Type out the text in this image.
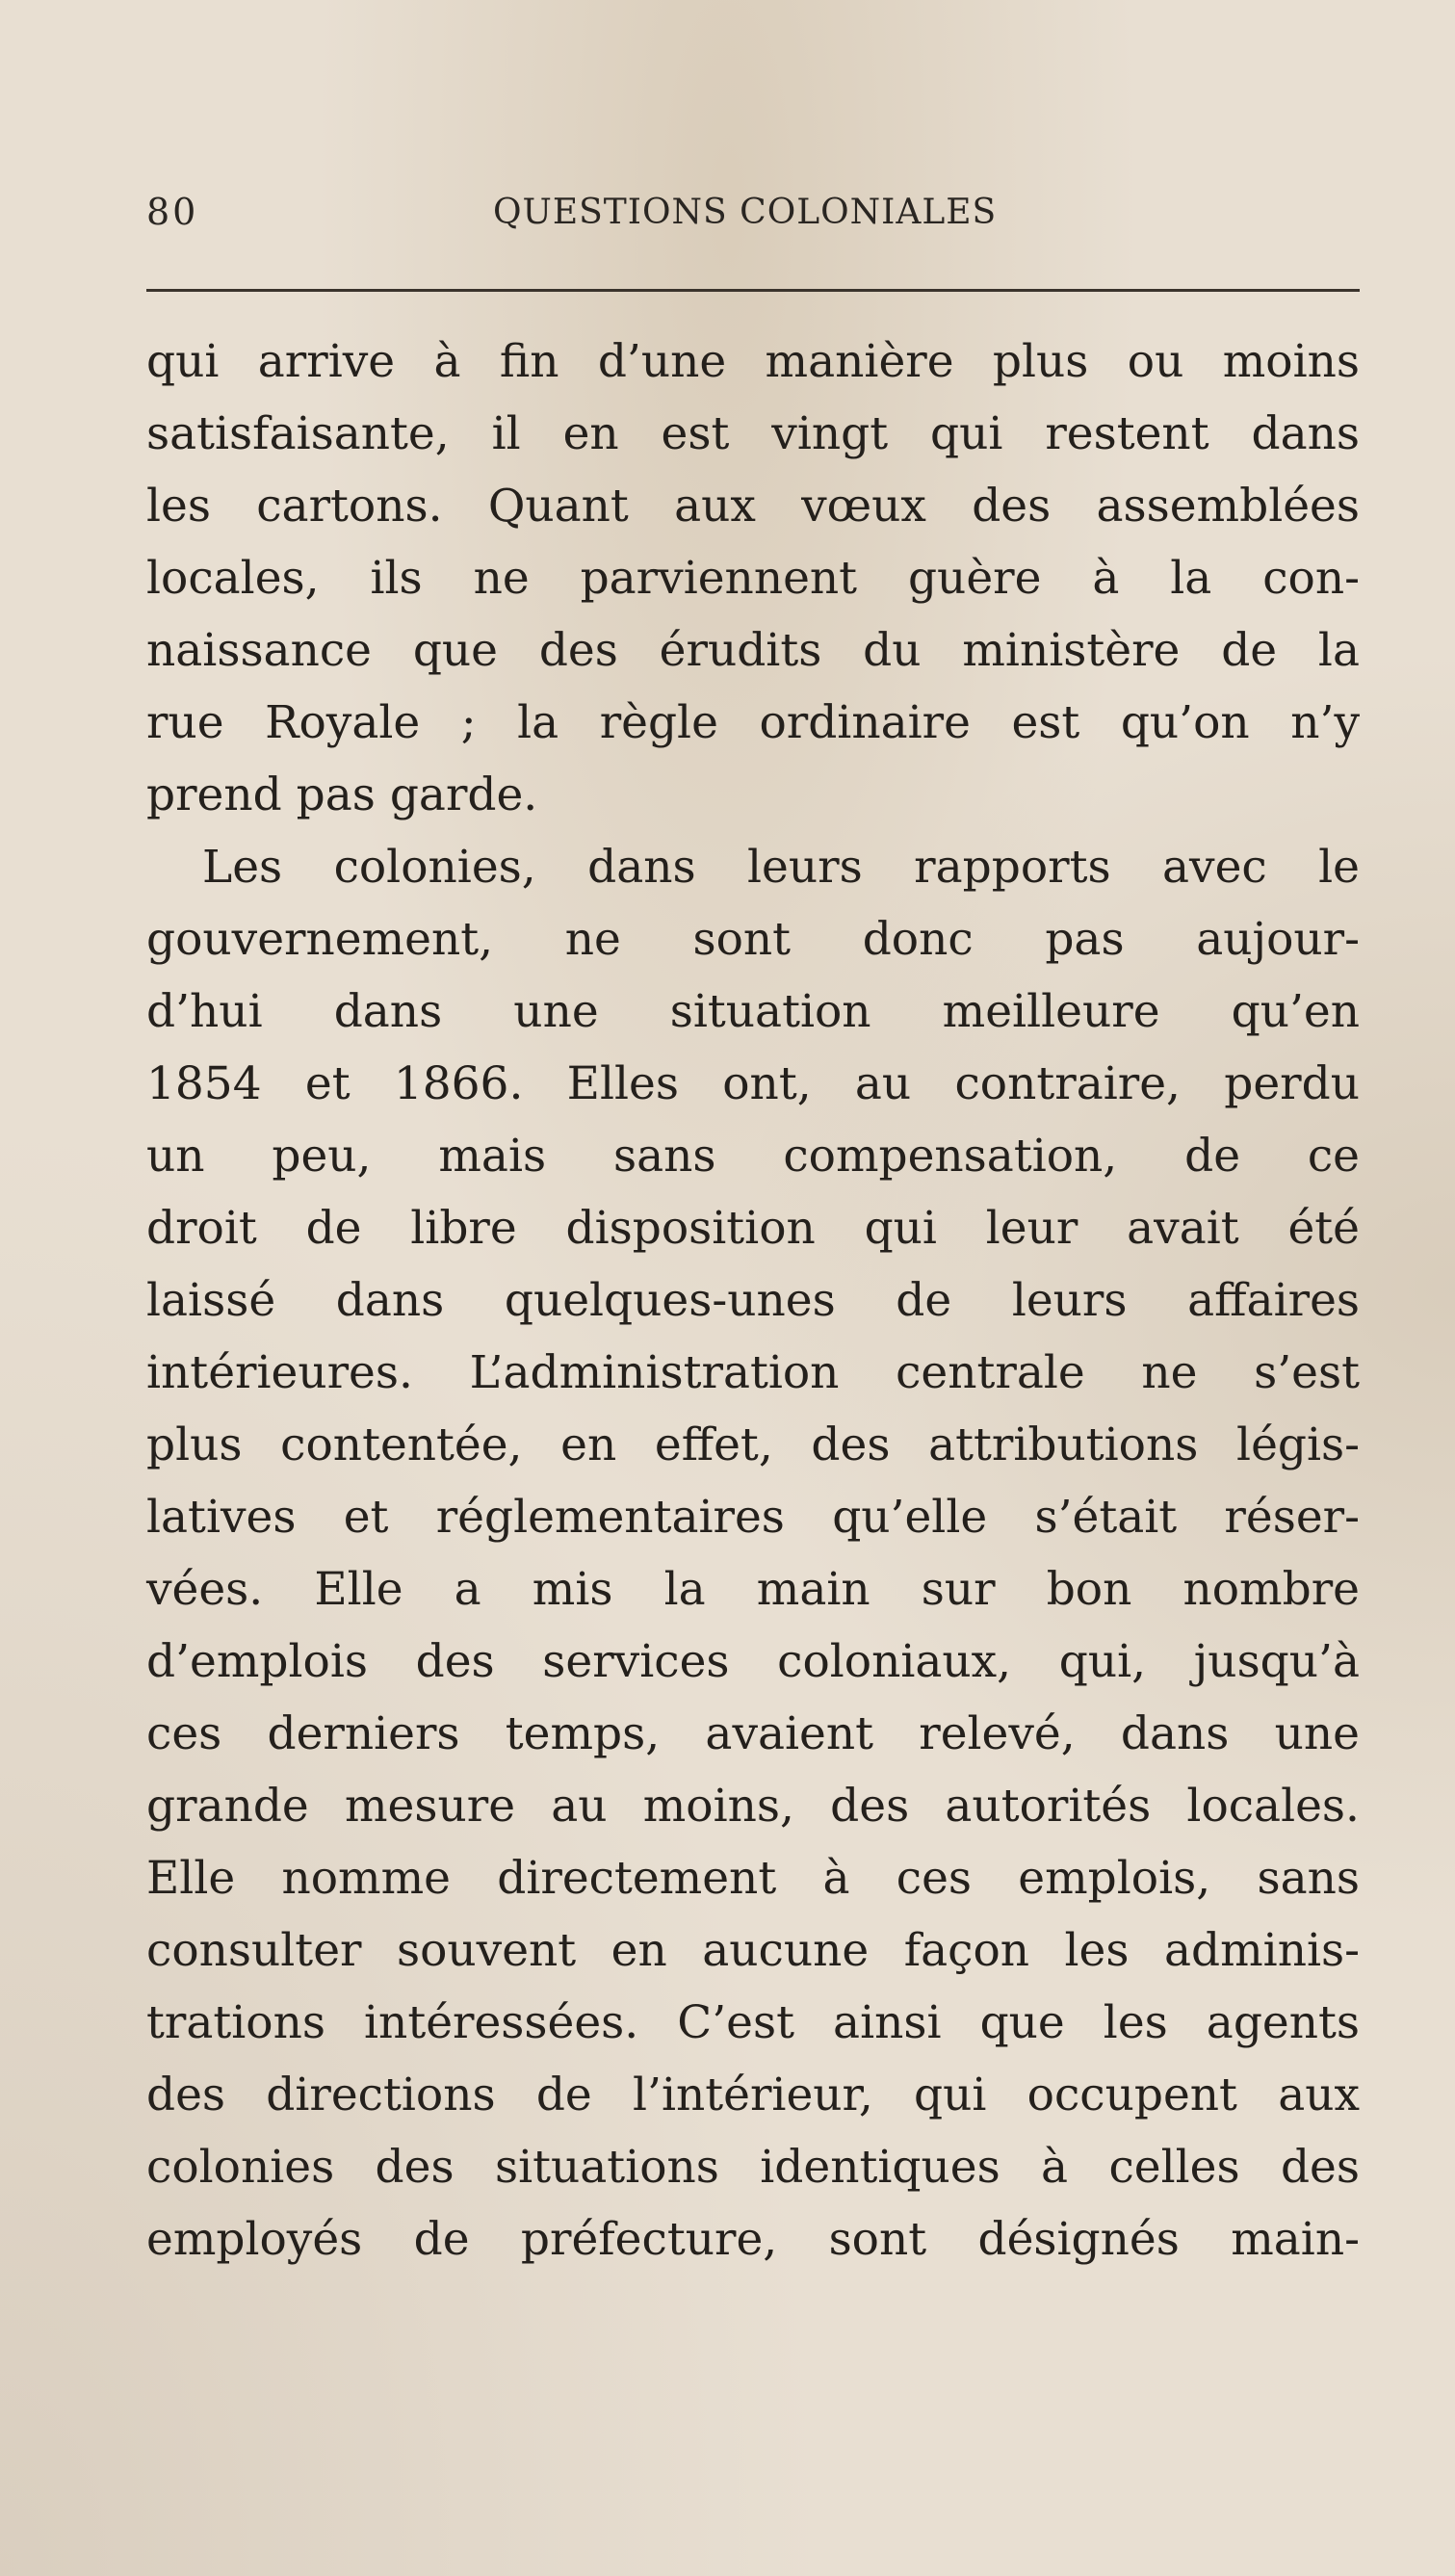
80	QUESTIONS COLONIALES
qui arrive à fin d’une manière plus ou moins
satisfaisante, il en est vingt qui restent dans
les cartons. Quant aux vœux des assemblées
locales, ils ne parviennent guère à la con-
naissance que des érudits du ministère de la
rue Royale ; la règle ordinaire est qu’on n’y
prend pas garde.
Les colonies, dans leurs rapports avec le
gouvernement, ne sont donc pas aujour-
d’hui dans une situation meilleure qu’en
1854 et 1866. Elles ont, au contraire, perdu
un peu, mais sans compensation, de ce
droit de libre disposition qui leur avait été
laissé dans quelques-unes de leurs affaires
intérieures. L’administration centrale ne s’est
plus contentée, en effet, des attributions légis-
latives et réglementaires qu’elle s’était réser-
vées. Elle a mis la main sur bon nombre
d’emplois des services coloniaux, qui, jusqu’à
ces derniers temps, avaient relevé, dans une
grande mesure au moins, des autorités locales.
Elle nomme directement à ces emplois, sans
consulter souvent en aucune façon les adminis-
trations intéressées. C’est ainsi que les agents
des directions de l’intérieur, qui occupent aux
colonies des situations identiques à celles des
employés de préfecture, sont désignés main-
